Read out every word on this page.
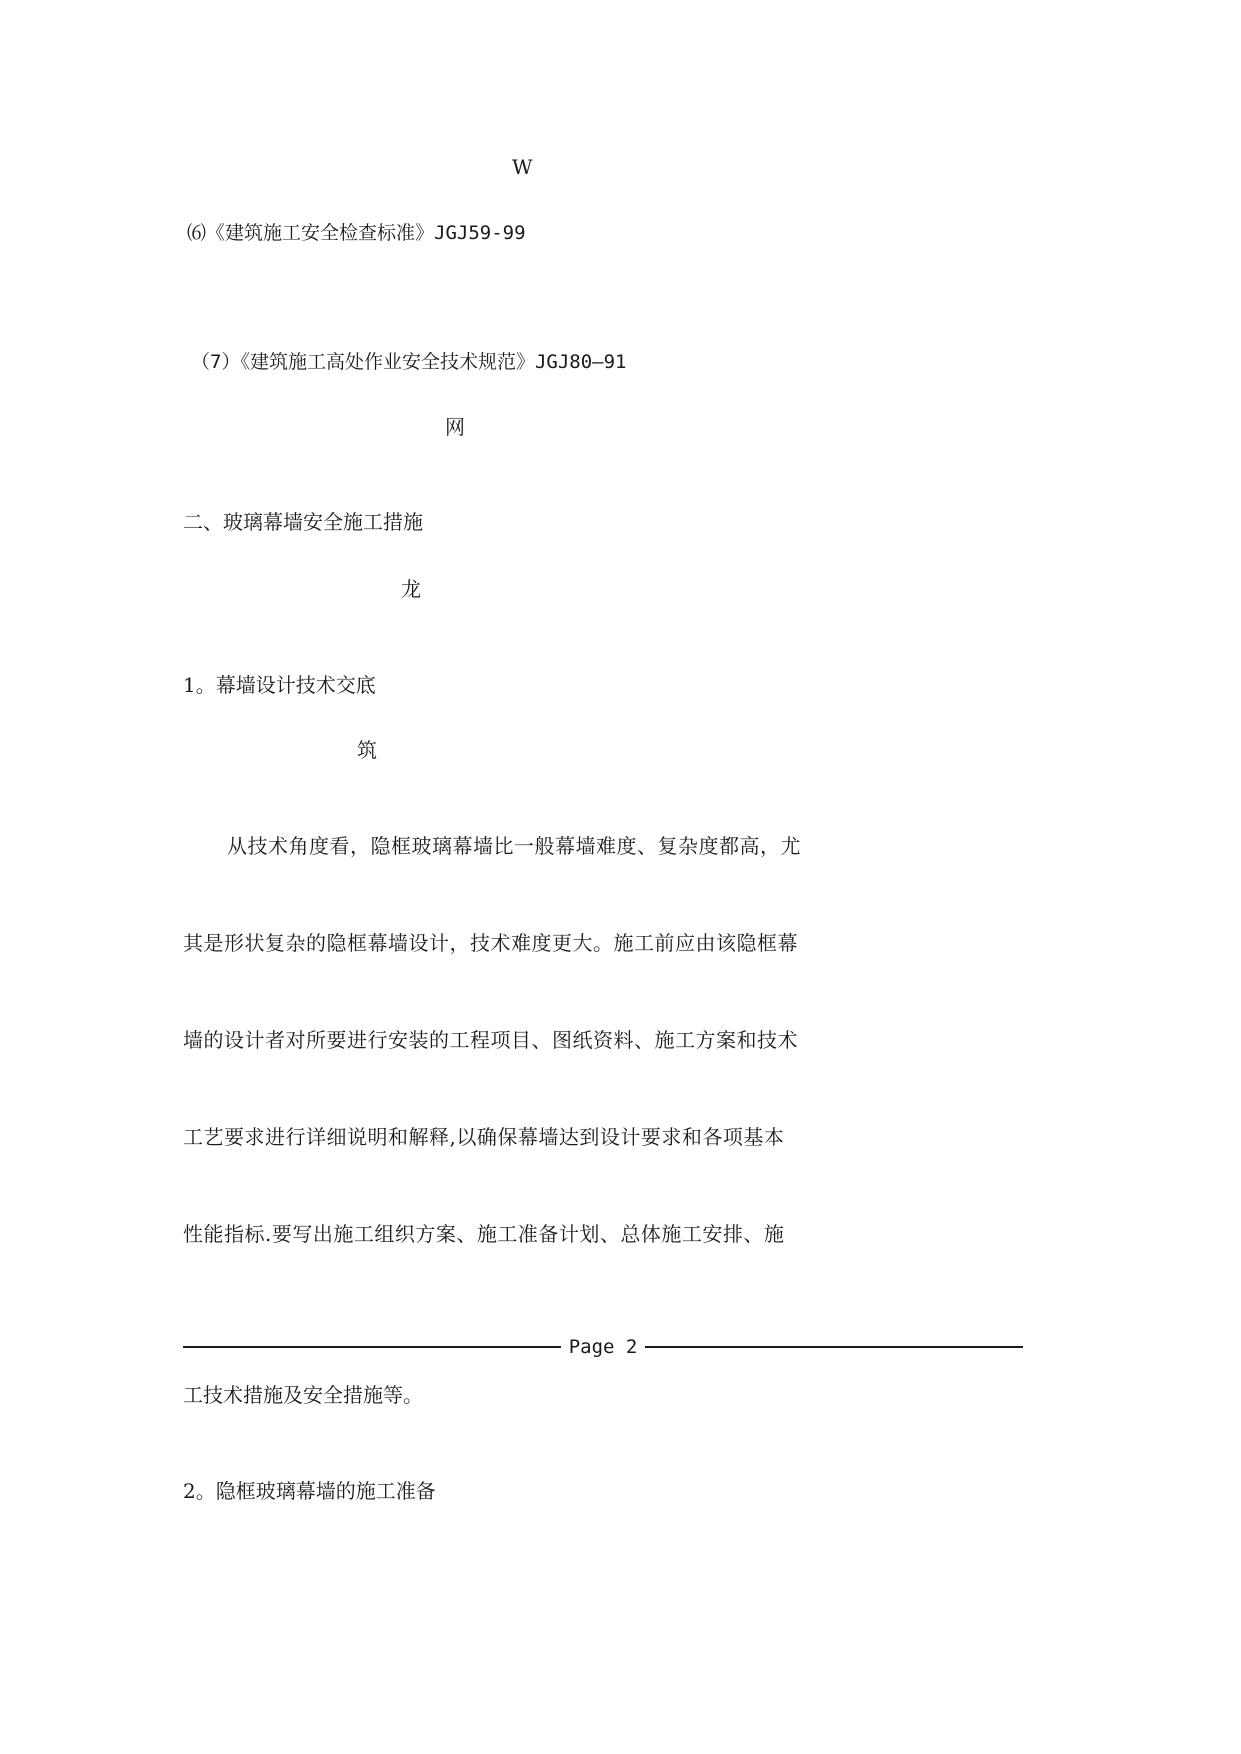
W
⑹《建筑施工安全检查标准》JGJ59-99
（7）《建筑施工高处作业安全技术规范》JGJ80—91
网
二、玻璃幕墙安全施工措施
龙
1。幕墙设计技术交底
筑
从技术角度看，隐框玻璃幕墙比一般幕墙难度、复杂度都高，尤
其是形状复杂的隐框幕墙设计，技术难度更大。施工前应由该隐框幕
墙的设计者对所要进行安装的工程项目、图纸资料、施工方案和技术
工艺要求进行详细说明和解释,以确保幕墙达到设计要求和各项基本
性能指标.要写出施工组织方案、施工准备计划、总体施工安排、施
Page 2
工技术措施及安全措施等。
2。隐框玻璃幕墙的施工准备
